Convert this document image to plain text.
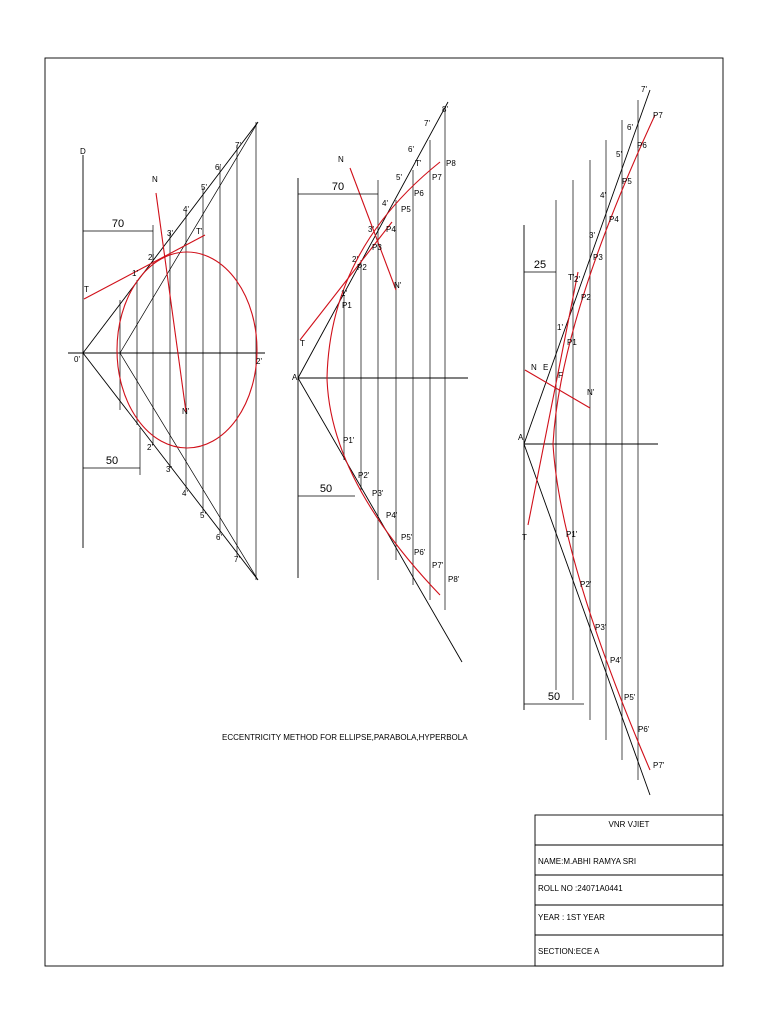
70
50
D
N
N'
T
T'
0'	2'
7'
6'
5'
4'
3'
2'
1'
2'
3'
4'
5'
6'
7'
70
50
N
N'
T
T'
A
8'
7'
6'
5'
4'
3'
2'
1'
P1
P2
P3
P4
P5
P6
P7
P8
P1'
P2'
P3'
P4'
P5'
P6'
P7'
P8'
25
50
N
N'
E
F
A
T
T'
7'
6'
5'
4'
3'
2'
1'
P1
P2
P3
P4
P5
P6
P7
P1'
P2'
P3'
P4'
P5'
P6'
P7'
ECCENTRICITY METHOD FOR ELLIPSE,PARABOLA,HYPERBOLA
VNR VJIET
NAME:M.ABHI RAMYA SRI
ROLL NO :24071A0441
YEAR : 1ST YEAR
SECTION:ECE A
